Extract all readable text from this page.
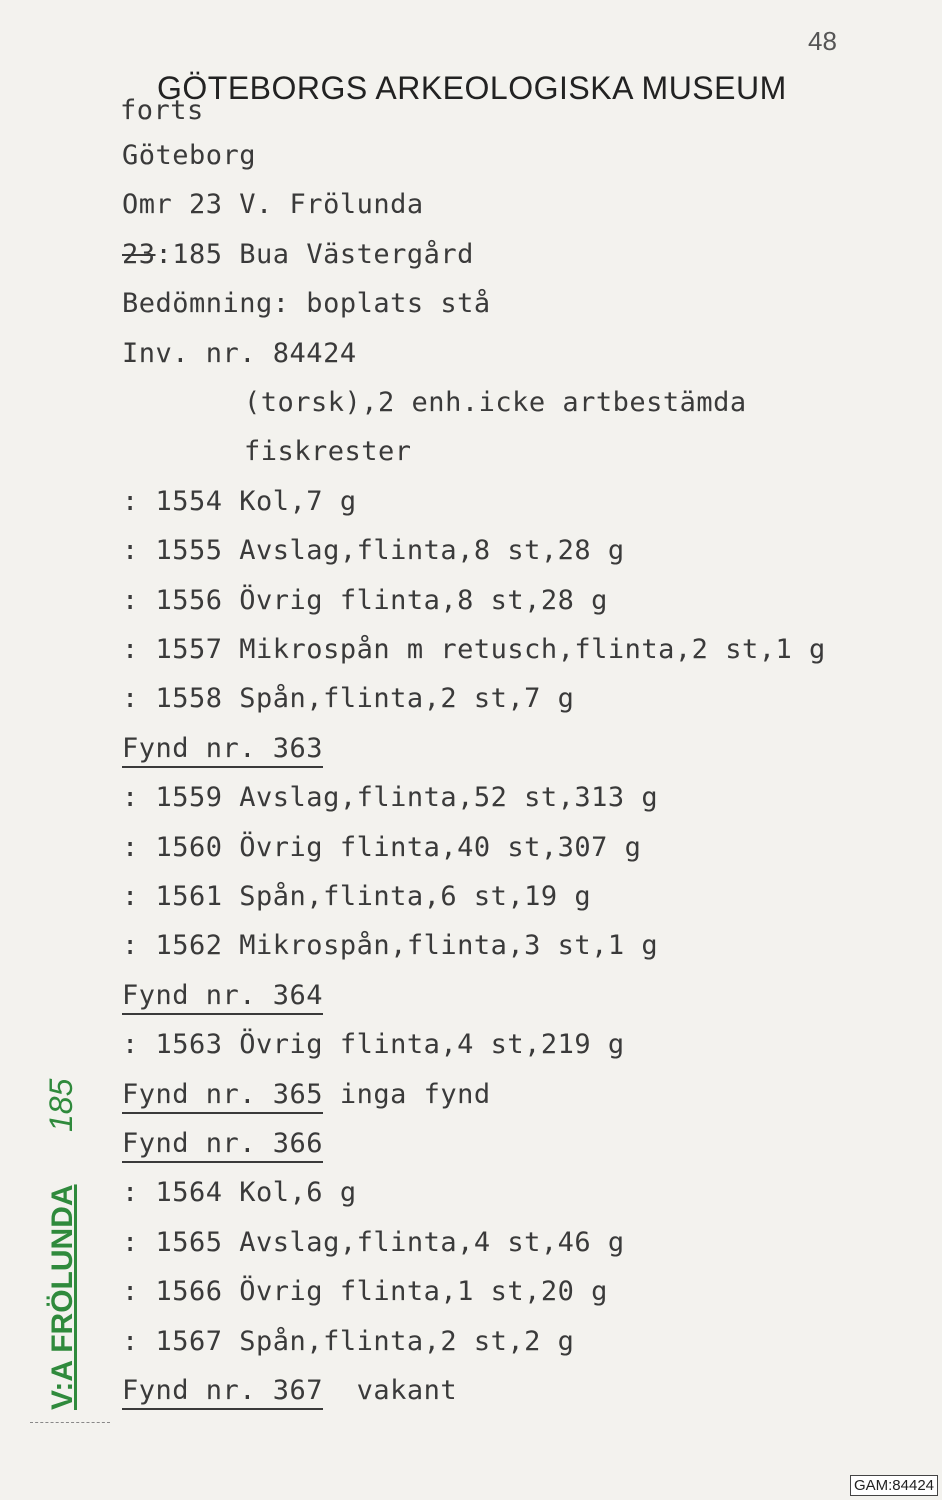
48
GÖTEBORGS ARKEOLOGISKA MUSEUM
forts
Göteborg
Omr 23 V. Frölunda
23:185 Bua Västergård
Bedömning: boplats stå
Inv. nr. 84424
(torsk),2 enh.icke artbestämda
fiskrester
: 1554 Kol,7 g
: 1555 Avslag,flinta,8 st,28 g
: 1556 Övrig flinta,8 st,28 g
: 1557 Mikrospån m retusch,flinta,2 st,1 g
: 1558 Spån,flinta,2 st,7 g
Fynd nr. 363
: 1559 Avslag,flinta,52 st,313 g
: 1560 Övrig flinta,40 st,307 g
: 1561 Spån,flinta,6 st,19 g
: 1562 Mikrospån,flinta,3 st,1 g
Fynd nr. 364
: 1563 Övrig flinta,4 st,219 g
Fynd nr. 365 inga fynd
Fynd nr. 366
: 1564 Kol,6 g
: 1565 Avslag,flinta,4 st,46 g
: 1566 Övrig flinta,1 st,20 g
: 1567 Spån,flinta,2 st,2 g
Fynd nr. 367  vakant
V:A FRÖLUNDA
185
GAM:84424
